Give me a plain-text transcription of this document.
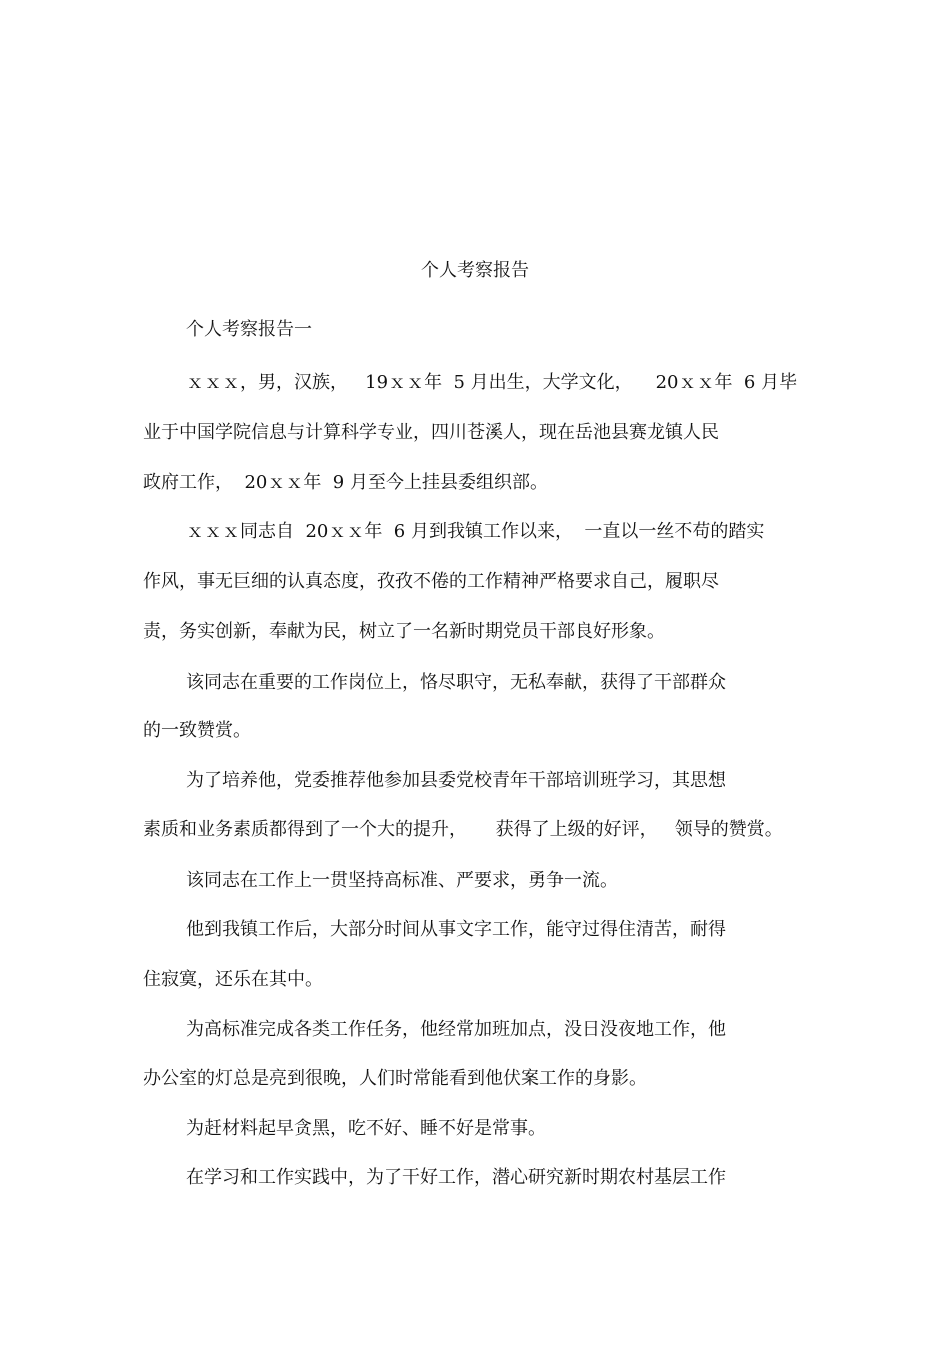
个人考察报告
个人考察报告一
ｘｘｘ，男，汉族，   19ｘｘ年  5 月出生，大学文化，    20ｘｘ年  6 月毕
业于中国学院信息与计算科学专业，四川苍溪人，现在岳池县赛龙镇人民
政府工作，  20ｘｘ年  9 月至今上挂县委组织部。
ｘｘｘ同志自  20ｘｘ年  6 月到我镇工作以来，  一直以一丝不苟的踏实
作风，事无巨细的认真态度，孜孜不倦的工作精神严格要求自己，履职尽
责，务实创新，奉献为民，树立了一名新时期党员干部良好形象。
该同志在重要的工作岗位上，恪尽职守，无私奉献，获得了干部群众
的一致赞赏。
为了培养他，党委推荐他参加县委党校青年干部培训班学习，其思想
素质和业务素质都得到了一个大的提升，     获得了上级的好评，   领导的赞赏。
该同志在工作上一贯坚持高标准、严要求，勇争一流。
他到我镇工作后，大部分时间从事文字工作，能守过得住清苦，耐得
住寂寞，还乐在其中。
为高标准完成各类工作任务，他经常加班加点，没日没夜地工作，他
办公室的灯总是亮到很晚，人们时常能看到他伏案工作的身影。
为赶材料起早贪黑，吃不好、睡不好是常事。
在学习和工作实践中，为了干好工作，潜心研究新时期农村基层工作
